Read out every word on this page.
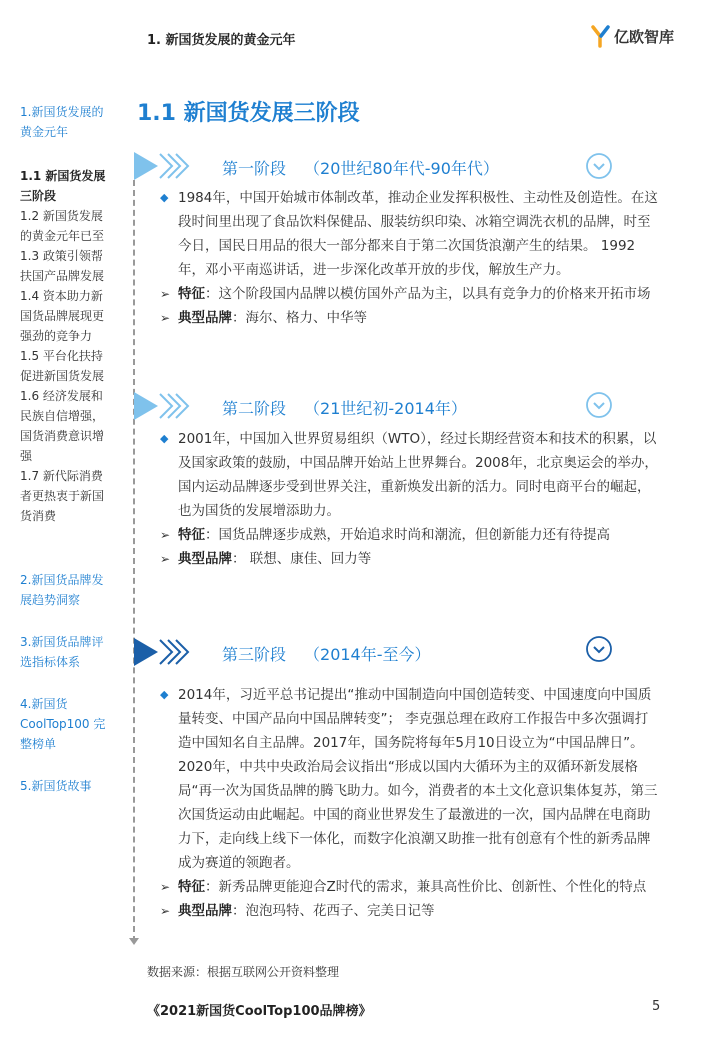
1. 新国货发展的黄金元年	亿欧智库
1.新国货发展的黄金元年
1.1 新国货发展三阶段
1.2 新国货发展的黄金元年已至
1.3 政策引领帮扶国产品牌发展
1.4 资本助力新国货品牌展现更强劲的竞争力
1.5 平台化扶持促进新国货发展
1.6 经济发展和民族自信增强，国货消费意识增强
1.7 新代际消费者更热衷于新国货消费
2.新国货品牌发展趋势洞察
3.新国货品牌评选指标体系
4.新国货 CoolTop100 完整榜单
5.新国货故事
1.1 新国货发展三阶段
第一阶段 （20世纪80年代-90年代）
◆ 1984年，中国开始城市体制改革，推动企业发挥积极性、主动性及创造性。在这段时间里出现了食品饮料保健品、服装纺织印染、冰箱空调洗衣机的品牌，时至今日，国民日用品的很大一部分都来自于第二次国货浪潮产生的结果。 1992年，邓小平南巡讲话，进一步深化改革开放的步伐，解放生产力。
➢ 特征：这个阶段国内品牌以模仿国外产品为主，以具有竞争力的价格来开拓市场
➢ 典型品牌：海尔、格力、中华等
第二阶段 （21世纪初-2014年）
◆ 2001年，中国加入世界贸易组织（WTO），经过长期经营资本和技术的积累，以及国家政策的鼓励，中国品牌开始站上世界舞台。2008年，北京奥运会的举办，国内运动品牌逐步受到世界关注，重新焕发出新的活力。同时电商平台的崛起，也为国货的发展增添助力。
➢ 特征：国货品牌逐步成熟，开始追求时尚和潮流，但创新能力还有待提高
➢ 典型品牌： 联想、康佳、回力等
第三阶段 （2014年-至今）
◆ 2014年，习近平总书记提出“推动中国制造向中国创造转变、中国速度向中国质量转变、中国产品向中国品牌转变”； 李克强总理在政府工作报告中多次强调打造中国知名自主品牌。2017年，国务院将每年5月10日设立为“中国品牌日”。 2020年，中共中央政治局会议指出“形成以国内大循环为主的双循环新发展格局“再一次为国货品牌的腾飞助力。如今，消费者的本土文化意识集体复苏，第三次国货运动由此崛起。中国的商业世界发生了最激进的一次，国内品牌在电商助力下，走向线上线下一体化，而数字化浪潮又助推一批有创意有个性的新秀品牌成为赛道的领跑者。
➢ 特征：新秀品牌更能迎合Z时代的需求，兼具高性价比、创新性、个性化的特点
➢ 典型品牌：泡泡玛特、花西子、完美日记等
数据来源：根据互联网公开资料整理
《2021新国货CoolTop100品牌榜》	5
